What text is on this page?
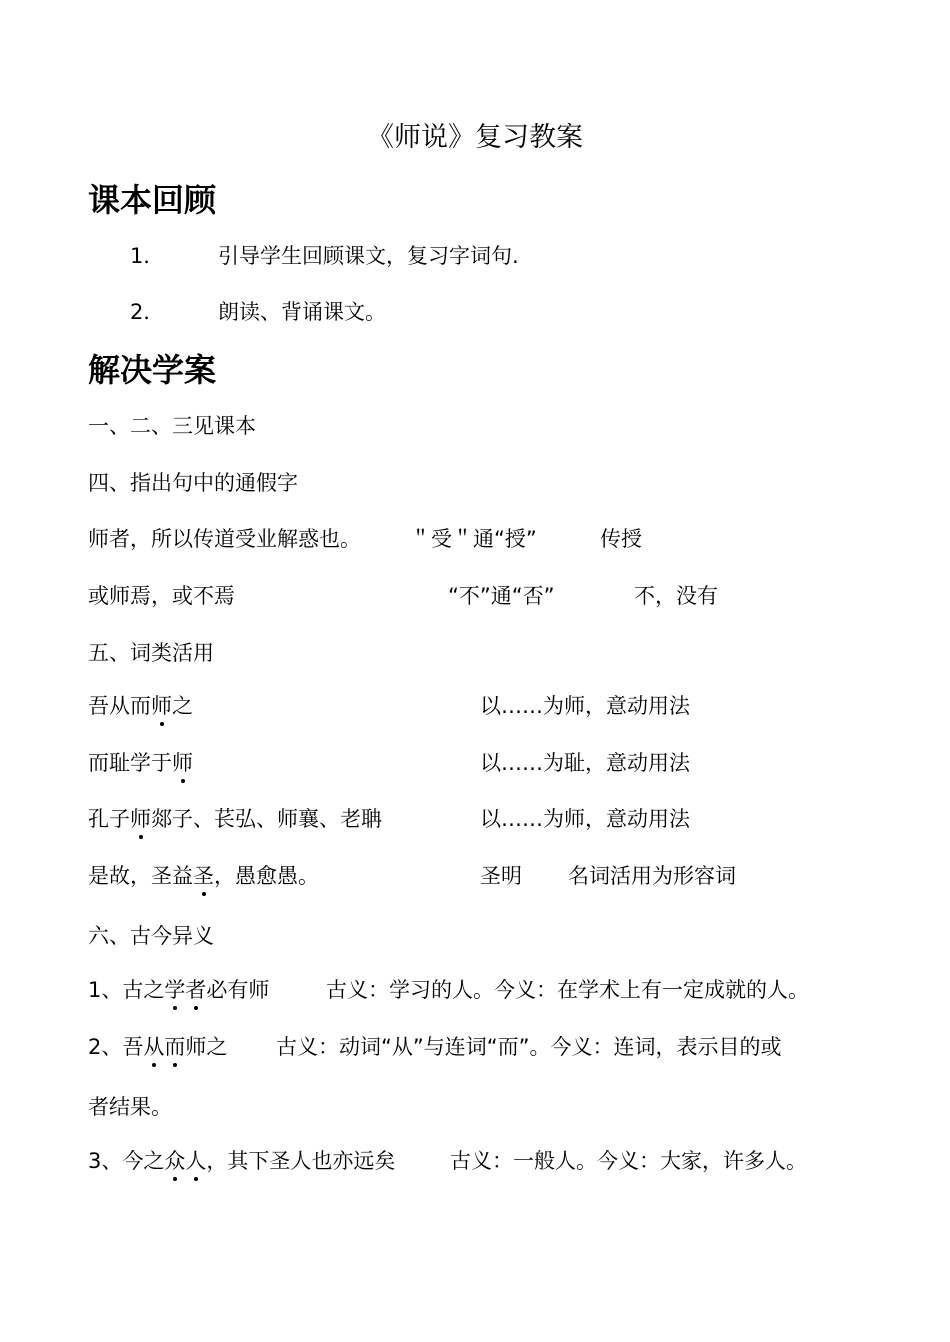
《师说》复习教案
课本回顾
1．	引导学生回顾课文，复习字词句.
2．	朗读、背诵课文。
解决学案
一、二、三见课本
四、指出句中的通假字
师者，所以传道受业解惑也。 ＂受＂通“授”	传授
或师焉，或不焉	“不”通“否”	不，没有
五、词类活用
吾从而师之	以……为师，意动用法
而耻学于师	以……为耻，意动用法
孔子师郯子、苌弘、师襄、老聃	以……为师，意动用法
是故，圣益圣，愚愈愚。	圣明 名词活用为形容词
六、古今异义
1、古之学者必有师	古义：学习的人。今义：在学术上有一定成就的人。
2、吾从而师之 古义：动词“从”与连词“而”。今义：连词，表示目的或
者结果。
3、今之众人，其下圣人也亦远矣	古义：一般人。今义：大家，许多人。
